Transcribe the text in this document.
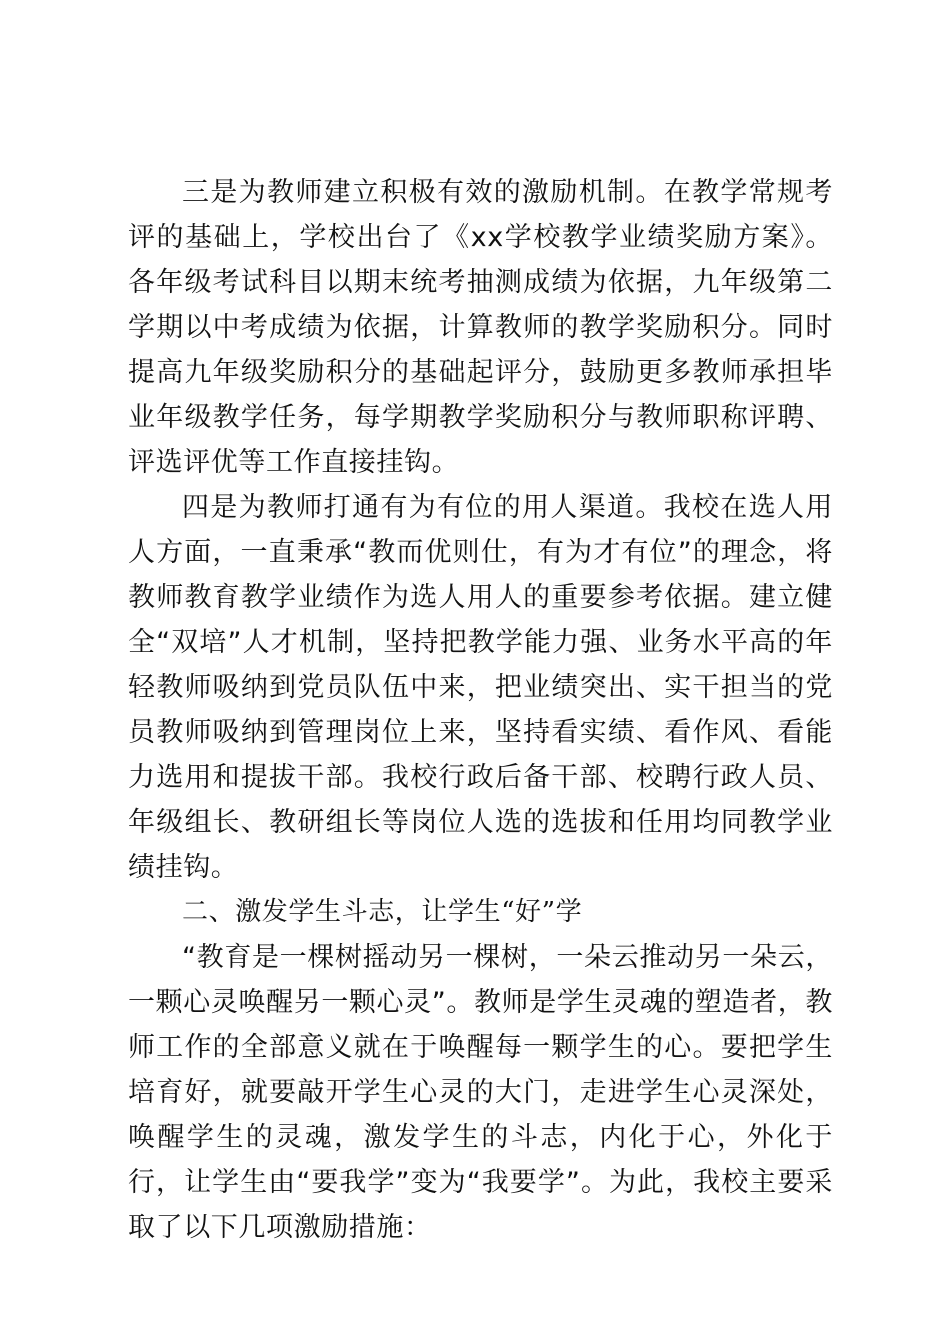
三是为教师建立积极有效的激励机制。在教学常规考评的基础上，学校出台了《xx学校教学业绩奖励方案》。各年级考试科目以期末统考抽测成绩为依据，九年级第二学期以中考成绩为依据，计算教师的教学奖励积分。同时提高九年级奖励积分的基础起评分，鼓励更多教师承担毕业年级教学任务，每学期教学奖励积分与教师职称评聘、评选评优等工作直接挂钩。

四是为教师打通有为有位的用人渠道。我校在选人用人方面，一直秉承“教而优则仕，有为才有位”的理念，将教师教育教学业绩作为选人用人的重要参考依据。建立健全“双培”人才机制，坚持把教学能力强、业务水平高的年轻教师吸纳到党员队伍中来，把业绩突出、实干担当的党员教师吸纳到管理岗位上来，坚持看实绩、看作风、看能力选用和提拔干部。我校行政后备干部、校聘行政人员、年级组长、教研组长等岗位人选的选拔和任用均同教学业绩挂钩。

二、激发学生斗志，让学生“好”学

“教育是一棵树摇动另一棵树，一朵云推动另一朵云，一颗心灵唤醒另一颗心灵”。教师是学生灵魂的塑造者，教师工作的全部意义就在于唤醒每一颗学生的心。要把学生培育好，就要敲开学生心灵的大门，走进学生心灵深处，唤醒学生的灵魂，激发学生的斗志，内化于心，外化于行，让学生由“要我学”变为“我要学”。为此，我校主要采取了以下几项激励措施：
